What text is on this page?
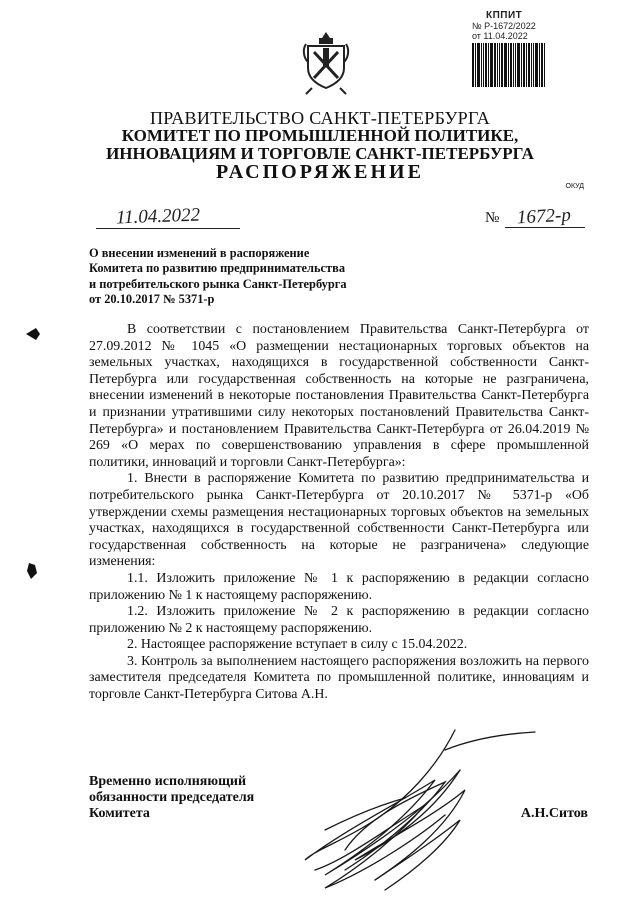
КППИТ
№ Р-1672/2022
от 11.04.2022
ПРАВИТЕЛЬСТВО САНКТ-ПЕТЕРБУРГА
КОМИТЕТ ПО ПРОМЫШЛЕННОЙ ПОЛИТИКЕ,
ИННОВАЦИЯМ И ТОРГОВЛЕ САНКТ-ПЕТЕРБУРГА
РАСПОРЯЖЕНИЕ
ОКУД
11.04.2022	№ 1672-р
О внесении изменений в распоряжение
Комитета по развитию предпринимательства
и потребительского рынка Санкт-Петербурга
от 20.10.2017 № 5371-р

В соответствии с постановлением Правительства Санкт-Петербурга от 27.09.2012 № 1045 «О размещении нестационарных торговых объектов на земельных участках, находящихся в государственной собственности Санкт-Петербурга или государственная собственность на которые не разграничена, внесении изменений в некоторые постановления Правительства Санкт-Петербурга и признании утратившими силу некоторых постановлений Правительства Санкт-Петербурга» и постановлением Правительства Санкт-Петербурга от 26.04.2019 № 269 «О мерах по совершенствованию управления в сфере промышленной политики, инноваций и торговли Санкт-Петербурга»:

1. Внести в распоряжение Комитета по развитию предпринимательства и потребительского рынка Санкт-Петербурга от 20.10.2017 № 5371-р «Об утверждении схемы размещения нестационарных торговых объектов на земельных участках, находящихся в государственной собственности Санкт-Петербурга или государственная собственность на которые не разграничена» следующие изменения:

1.1. Изложить приложение № 1 к распоряжению в редакции согласно приложению № 1 к настоящему распоряжению.

1.2. Изложить приложение № 2 к распоряжению в редакции согласно приложению № 2 к настоящему распоряжению.

2. Настоящее распоряжение вступает в силу с 15.04.2022.

3. Контроль за выполнением настоящего распоряжения возложить на первого заместителя председателя Комитета по промышленной политике, инновациям и торговле Санкт-Петербурга Ситова А.Н.

Временно исполняющий
обязанности председателя
Комитета	А.Н.Ситов
